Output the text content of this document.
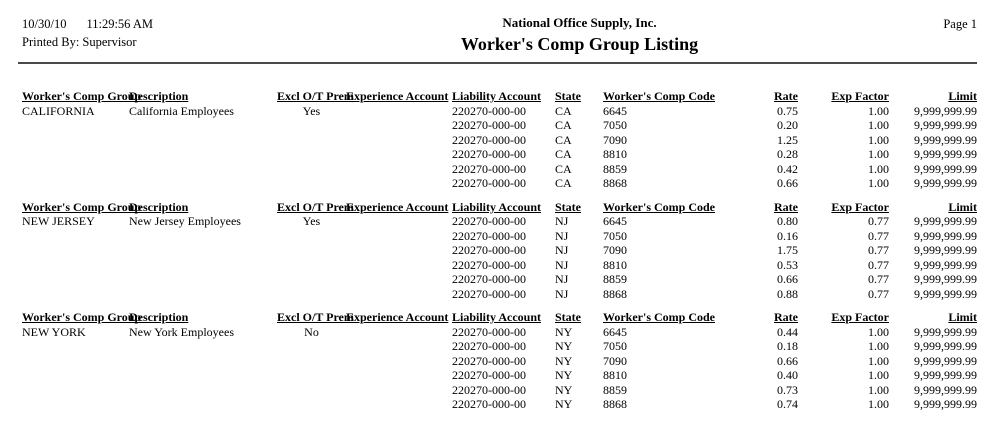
10/30/10 11:29:56 AM
Printed By: Supervisor
National Office Supply, Inc.
Worker's Comp Group Listing
Page 1
Worker's Comp Group	Description	Excl O/T Prem	Experience Account	Liability Account	State	Worker's Comp Code	Rate	Exp Factor	Limit
CALIFORNIA	California Employees	Yes		220270-000-00	CA	6645	0.75	1.00	9,999,999.99
				220270-000-00	CA	7050	0.20	1.00	9,999,999.99
				220270-000-00	CA	7090	1.25	1.00	9,999,999.99
				220270-000-00	CA	8810	0.28	1.00	9,999,999.99
				220270-000-00	CA	8859	0.42	1.00	9,999,999.99
				220270-000-00	CA	8868	0.66	1.00	9,999,999.99
Worker's Comp Group	Description	Excl O/T Prem	Experience Account	Liability Account	State	Worker's Comp Code	Rate	Exp Factor	Limit
NEW JERSEY	New Jersey Employees	Yes		220270-000-00	NJ	6645	0.80	0.77	9,999,999.99
				220270-000-00	NJ	7050	0.16	0.77	9,999,999.99
				220270-000-00	NJ	7090	1.75	0.77	9,999,999.99
				220270-000-00	NJ	8810	0.53	0.77	9,999,999.99
				220270-000-00	NJ	8859	0.66	0.77	9,999,999.99
				220270-000-00	NJ	8868	0.88	0.77	9,999,999.99
Worker's Comp Group	Description	Excl O/T Prem	Experience Account	Liability Account	State	Worker's Comp Code	Rate	Exp Factor	Limit
NEW YORK	New York Employees	No		220270-000-00	NY	6645	0.44	1.00	9,999,999.99
				220270-000-00	NY	7050	0.18	1.00	9,999,999.99
				220270-000-00	NY	7090	0.66	1.00	9,999,999.99
				220270-000-00	NY	8810	0.40	1.00	9,999,999.99
				220270-000-00	NY	8859	0.73	1.00	9,999,999.99
				220270-000-00	NY	8868	0.74	1.00	9,999,999.99
